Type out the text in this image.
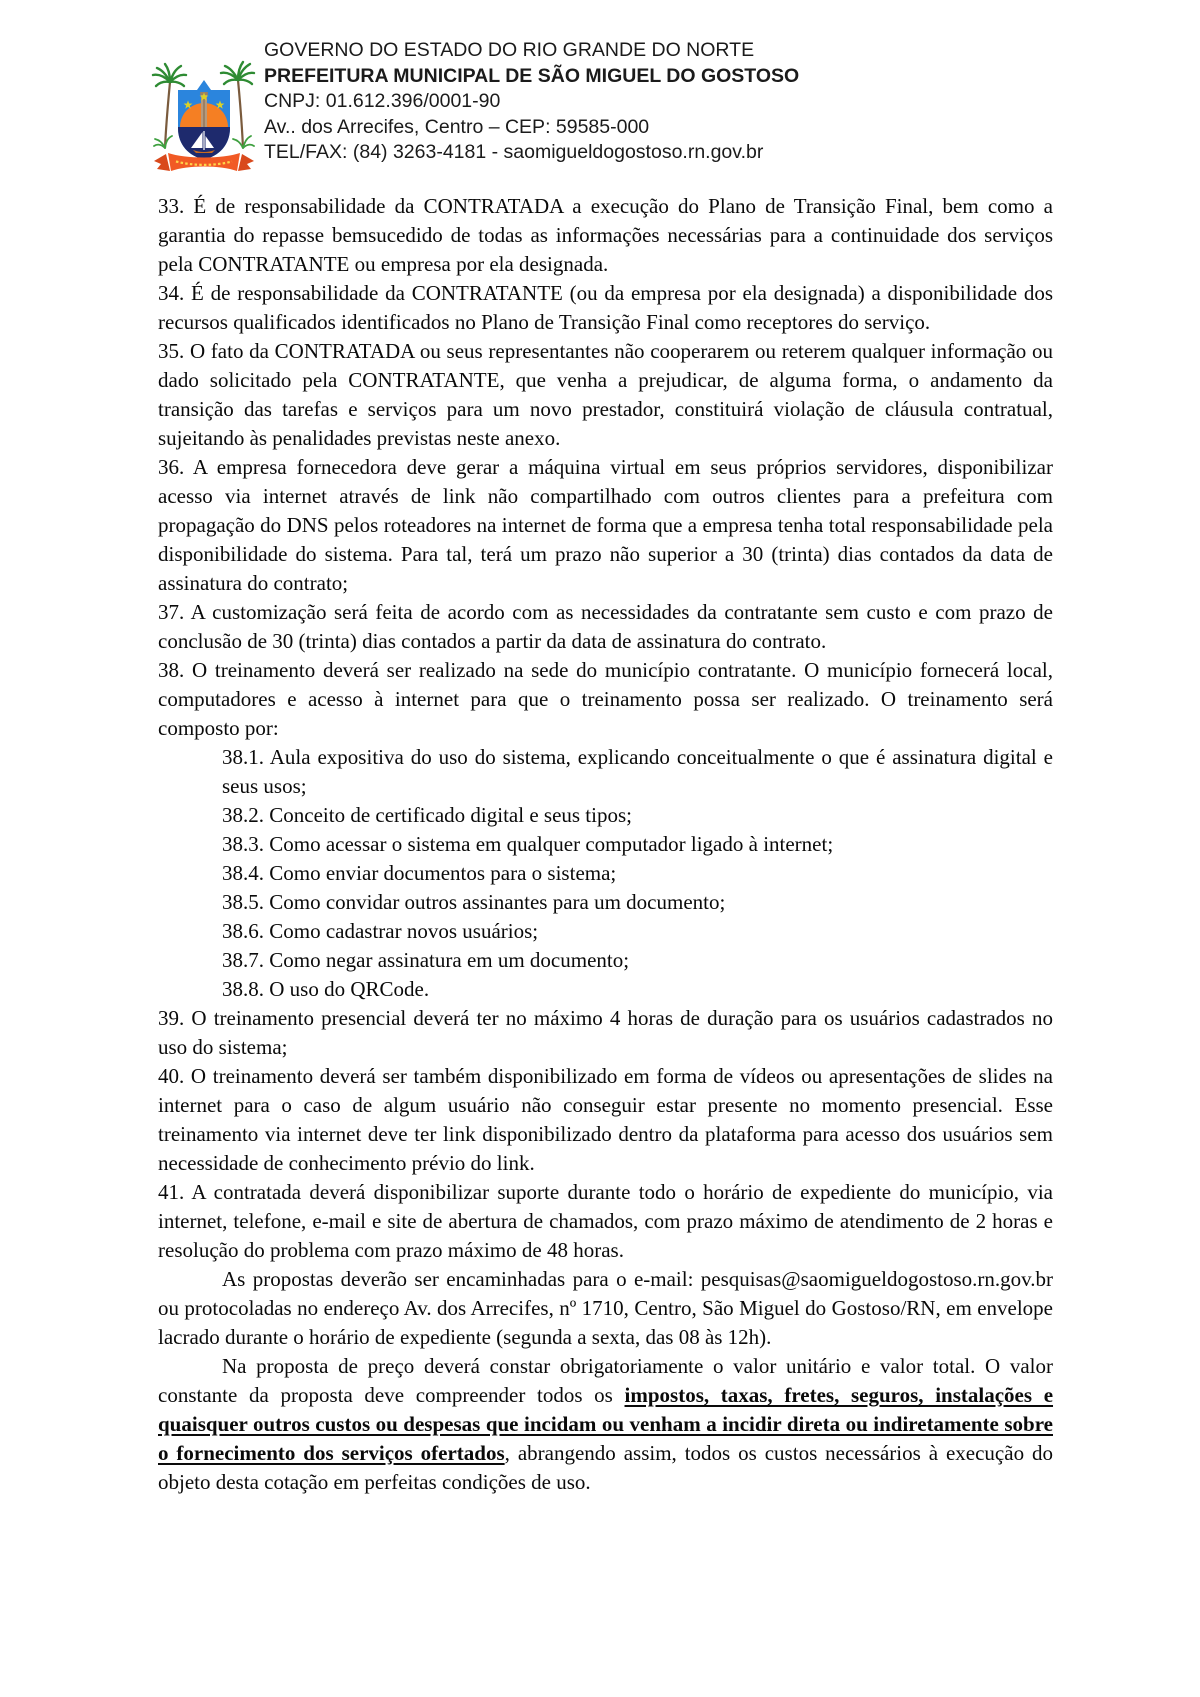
GOVERNO DO ESTADO DO RIO GRANDE DO NORTE
PREFEITURA MUNICIPAL DE SÃO MIGUEL DO GOSTOSO
CNPJ: 01.612.396/0001-90
Av.. dos Arrecifes, Centro – CEP: 59585-000
TEL/FAX: (84) 3263-4181 - saomigueldogostoso.rn.gov.br

33. É de responsabilidade da CONTRATADA a execução do Plano de Transição Final, bem como a garantia do repasse bemsucedido de todas as informações necessárias para a continuidade dos serviços pela CONTRATANTE ou empresa por ela designada.

34. É de responsabilidade da CONTRATANTE (ou da empresa por ela designada) a disponibilidade dos recursos qualificados identificados no Plano de Transição Final como receptores do serviço.

35. O fato da CONTRATADA ou seus representantes não cooperarem ou reterem qualquer informação ou dado solicitado pela CONTRATANTE, que venha a prejudicar, de alguma forma, o andamento da transição das tarefas e serviços para um novo prestador, constituirá violação de cláusula contratual, sujeitando às penalidades previstas neste anexo.

36. A empresa fornecedora deve gerar a máquina virtual em seus próprios servidores, disponibilizar acesso via internet através de link não compartilhado com outros clientes para a prefeitura com propagação do DNS pelos roteadores na internet de forma que a empresa tenha total responsabilidade pela disponibilidade do sistema. Para tal, terá um prazo não superior a 30 (trinta) dias contados da data de assinatura do contrato;

37. A customização será feita de acordo com as necessidades da contratante sem custo e com prazo de conclusão de 30 (trinta) dias contados a partir da data de assinatura do contrato.

38. O treinamento deverá ser realizado na sede do município contratante. O município fornecerá local, computadores e acesso à internet para que o treinamento possa ser realizado. O treinamento será composto por:

38.1. Aula expositiva do uso do sistema, explicando conceitualmente o que é assinatura digital e seus usos;

38.2. Conceito de certificado digital e seus tipos;

38.3. Como acessar o sistema em qualquer computador ligado à internet;

38.4. Como enviar documentos para o sistema;

38.5. Como convidar outros assinantes para um documento;

38.6. Como cadastrar novos usuários;

38.7. Como negar assinatura em um documento;

38.8. O uso do QRCode.

39. O treinamento presencial deverá ter no máximo 4 horas de duração para os usuários cadastrados no uso do sistema;

40. O treinamento deverá ser também disponibilizado em forma de vídeos ou apresentações de slides na internet para o caso de algum usuário não conseguir estar presente no momento presencial. Esse treinamento via internet deve ter link disponibilizado dentro da plataforma para acesso dos usuários sem necessidade de conhecimento prévio do link.

41. A contratada deverá disponibilizar suporte durante todo o horário de expediente do município, via internet, telefone, e-mail e site de abertura de chamados, com prazo máximo de atendimento de 2 horas e resolução do problema com prazo máximo de 48 horas.

As propostas deverão ser encaminhadas para o e-mail: pesquisas@saomigueldogostoso.rn.gov.br ou protocoladas no endereço Av. dos Arrecifes, nº 1710, Centro, São Miguel do Gostoso/RN, em envelope lacrado durante o horário de expediente (segunda a sexta, das 08 às 12h).

Na proposta de preço deverá constar obrigatoriamente o valor unitário e valor total. O valor constante da proposta deve compreender todos os impostos, taxas, fretes, seguros, instalações e quaisquer outros custos ou despesas que incidam ou venham a incidir direta ou indiretamente sobre o fornecimento dos serviços ofertados, abrangendo assim, todos os custos necessários à execução do objeto desta cotação em perfeitas condições de uso.
